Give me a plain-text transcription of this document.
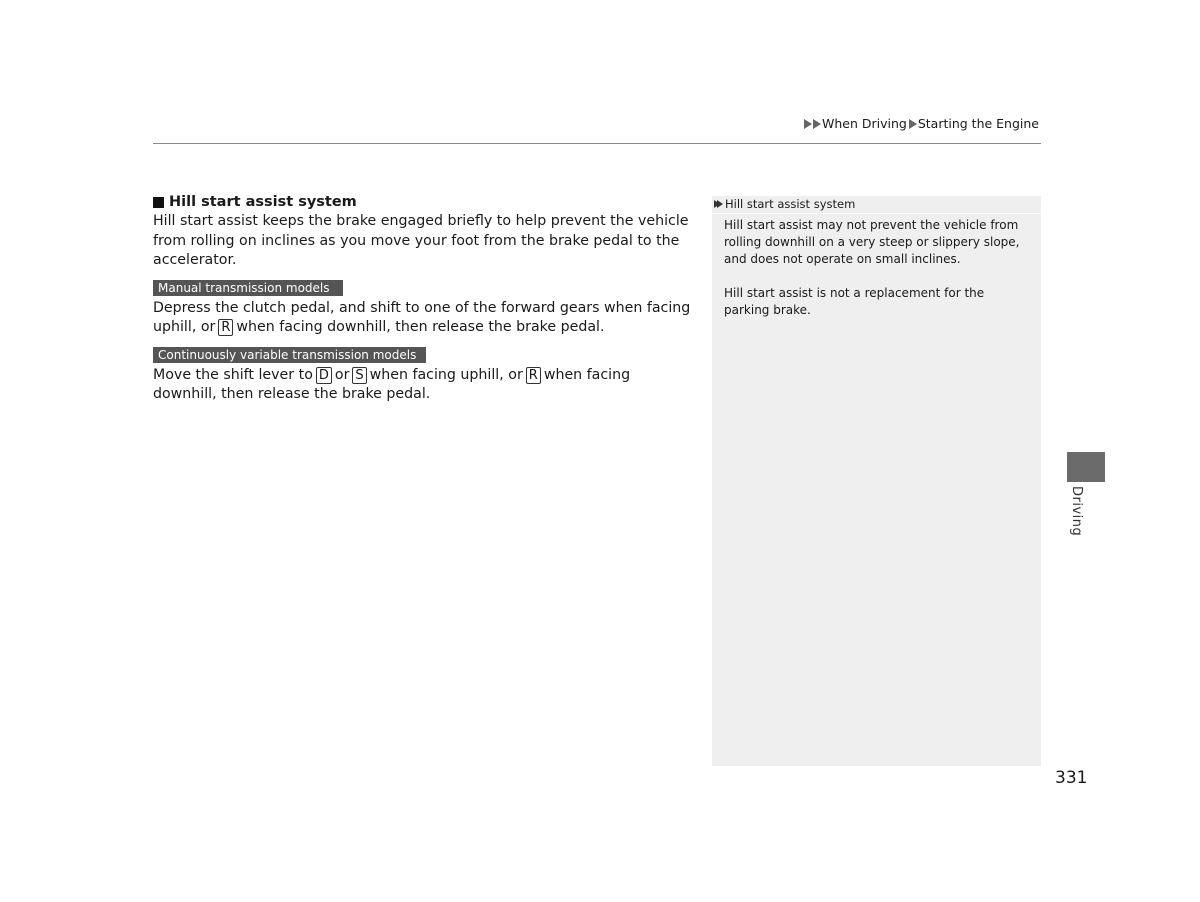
When Driving Starting the Engine
Hill start assist system

Hill start assist keeps the brake engaged briefly to help prevent the vehicle from rolling on inclines as you move your foot from the brake pedal to the accelerator.

Manual transmission models

Depress the clutch pedal, and shift to one of the forward gears when facing uphill, or R when facing downhill, then release the brake pedal.

Continuously variable transmission models

Move the shift lever to D or S when facing uphill, or R when facing downhill, then release the brake pedal.

Hill start assist system

Hill start assist may not prevent the vehicle from rolling downhill on a very steep or slippery slope, and does not operate on small inclines.

Hill start assist is not a replacement for the parking brake.

Driving
331
